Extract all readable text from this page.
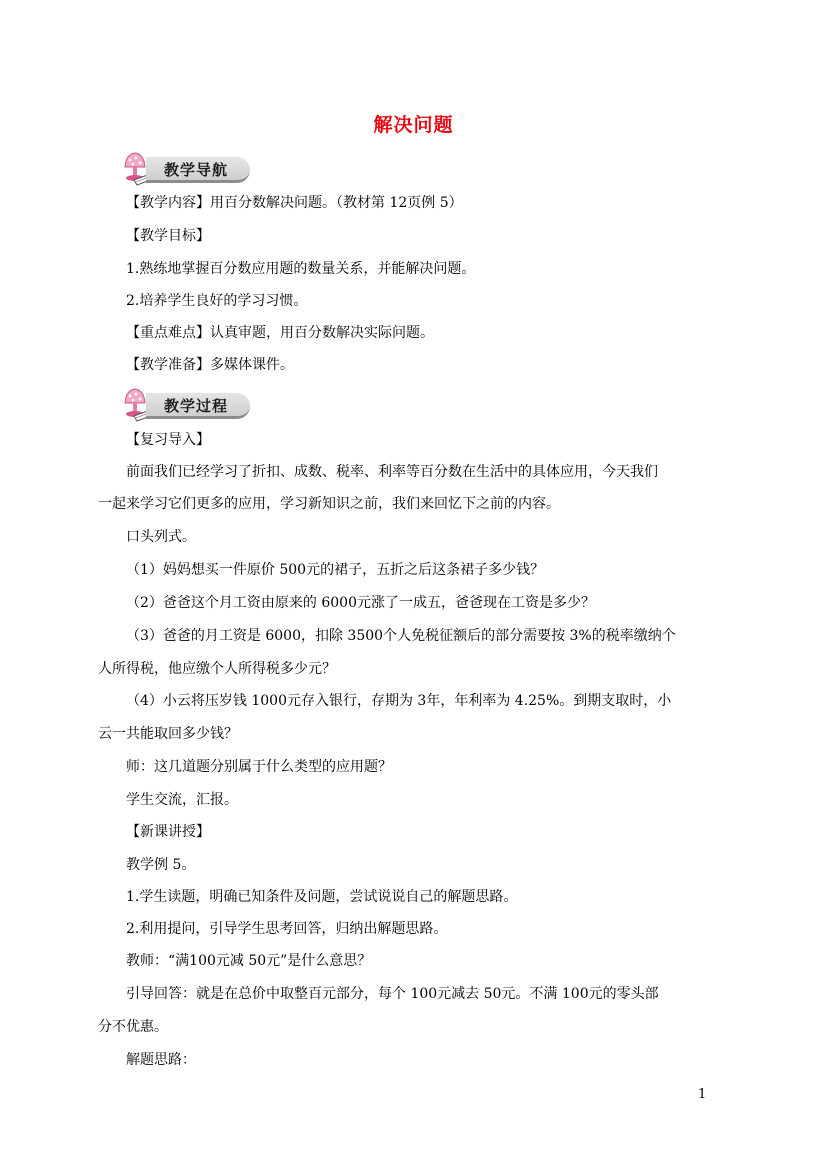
解决问题
教学导航
教学过程
【教学内容】用百分数解决问题。（教材第 12页例 5）
【教学目标】
1.熟练地掌握百分数应用题的数量关系，并能解决问题。
2.培养学生良好的学习习惯。
【重点难点】认真审题，用百分数解决实际问题。
【教学准备】多媒体课件。
【复习导入】
前面我们已经学习了折扣、成数、税率、利率等百分数在生活中的具体应用，今天我们
一起来学习它们更多的应用，学习新知识之前，我们来回忆下之前的内容。
口头列式。
（1）妈妈想买一件原价 500元的裙子，五折之后这条裙子多少钱？
（2）爸爸这个月工资由原来的 6000元涨了一成五，爸爸现在工资是多少？
（3）爸爸的月工资是 6000，扣除 3500个人免税征额后的部分需要按 3%的税率缴纳个
人所得税，他应缴个人所得税多少元？
（4）小云将压岁钱 1000元存入银行，存期为 3年，年利率为 4.25%。到期支取时，小
云一共能取回多少钱？
师：这几道题分别属于什么类型的应用题？
学生交流，汇报。
【新课讲授】
教学例 5。
1.学生读题，明确已知条件及问题，尝试说说自己的解题思路。
2.利用提问，引导学生思考回答，归纳出解题思路。
教师：“满100元减 50元”是什么意思？
引导回答：就是在总价中取整百元部分，每个 100元减去 50元。不满 100元的零头部
分不优惠。
解题思路：
1
